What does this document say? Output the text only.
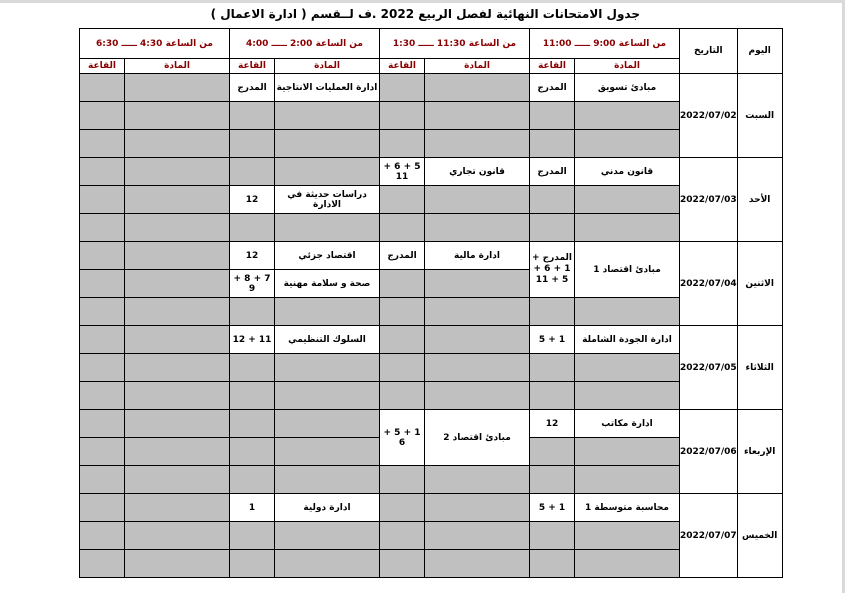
جدول الامتحانات النهائية لفصل الربيع 2022 .ف لــقسم ( ادارة الاعمال )
اليوم	التاريخ	من الساعة 9:00 ـــــ 11:00		من الساعة 11:30 ـــــ 1:30		من الساعة 2:00 ـــــ 4:00		من الساعة 4:30 ـــــ 6:30	
		المادة	القاعة	المادة	القاعة	المادة	القاعة	المادة	القاعة
السبت	2022/07/02	مبادئ تسويق	المدرج			ادارة العمليات الانتاجية	المدرج		

الأحد	2022/07/03	قانون مدني	المدرج	قانون تجاري	5 + 6 + 11				
						دراسات حديثة في الادارة	12		

الاثنين	2022/07/04	مبادئ اقتصاد 1	المدرج + 1 + 6 + 5 + 11	ادارة مالية	المدرج	اقتصاد جزئي	12		
						صحة و سلامة مهنية	7 + 8 + 9		

الثلاثاء	2022/07/05	ادارة الجودة الشاملة	1 + 5			السلوك التنظيمي	11 + 12		

الإربعاء	2022/07/06	ادارة مكاتب	12	مبادئ اقتصاد 2	1 + 5 + 6				

الخميس	2022/07/07	محاسبة متوسطة 1	1 + 5			ادارة دولية	1		
